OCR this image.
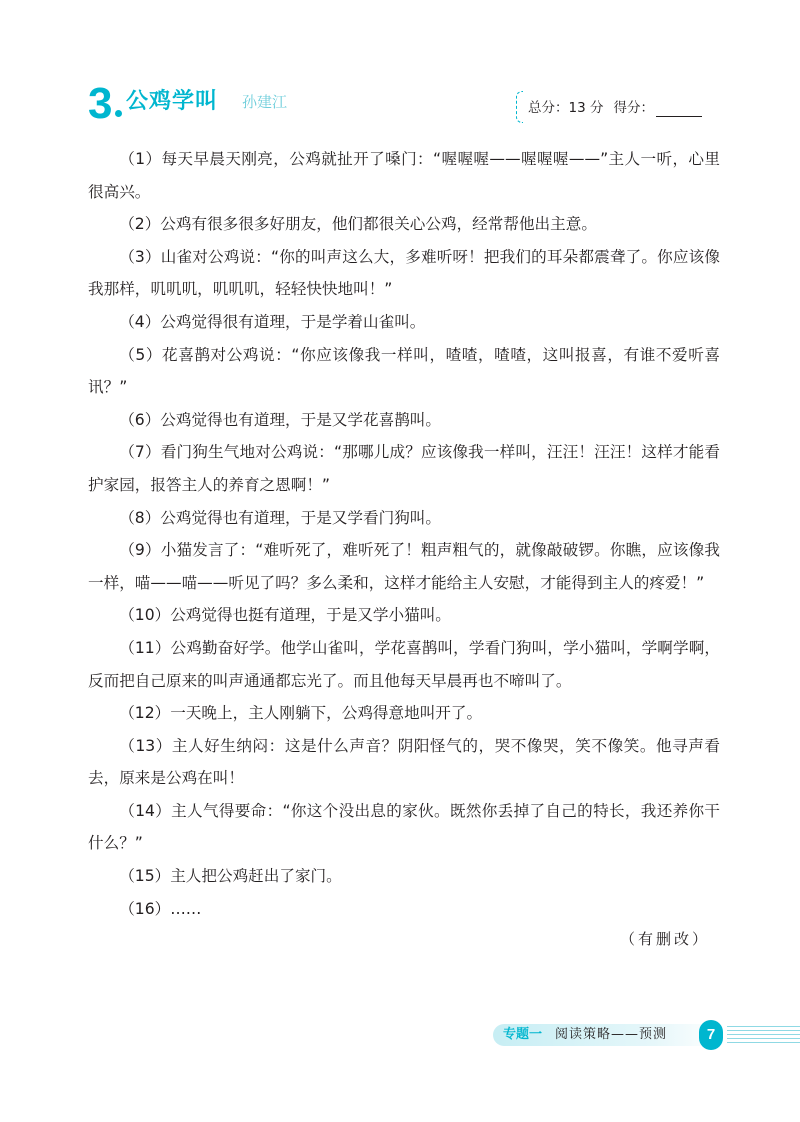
3 公鸡学叫 孙建江	总分：13 分 得分：

（1）每天早晨天刚亮，公鸡就扯开了嗓门：“喔喔喔——喔喔喔——”主人一听，心里很高兴。

（2）公鸡有很多很多好朋友，他们都很关心公鸡，经常帮他出主意。

（3）山雀对公鸡说：“你的叫声这么大，多难听呀！把我们的耳朵都震聋了。你应该像我那样，叽叽叽，叽叽叽，轻轻快快地叫！”

（4）公鸡觉得很有道理，于是学着山雀叫。

（5）花喜鹊对公鸡说：“你应该像我一样叫，喳喳，喳喳，这叫报喜，有谁不爱听喜讯？”

（6）公鸡觉得也有道理，于是又学花喜鹊叫。

（7）看门狗生气地对公鸡说：“那哪儿成？应该像我一样叫，汪汪！汪汪！这样才能看护家园，报答主人的养育之恩啊！”

（8）公鸡觉得也有道理，于是又学看门狗叫。

（9）小猫发言了：“难听死了，难听死了！粗声粗气的，就像敲破锣。你瞧，应该像我一样，喵——喵——听见了吗？多么柔和，这样才能给主人安慰，才能得到主人的疼爱！”

（10）公鸡觉得也挺有道理，于是又学小猫叫。

（11）公鸡勤奋好学。他学山雀叫，学花喜鹊叫，学看门狗叫，学小猫叫，学啊学啊，反而把自己原来的叫声通通都忘光了。而且他每天早晨再也不啼叫了。

（12）一天晚上，主人刚躺下，公鸡得意地叫开了。

（13）主人好生纳闷：这是什么声音？阴阳怪气的，哭不像哭，笑不像笑。他寻声看去，原来是公鸡在叫！

（14）主人气得要命：“你这个没出息的家伙。既然你丢掉了自己的特长，我还养你干什么？”

（15）主人把公鸡赶出了家门。

（16）……

（有删改）
专题一 阅读策略——预测	7
